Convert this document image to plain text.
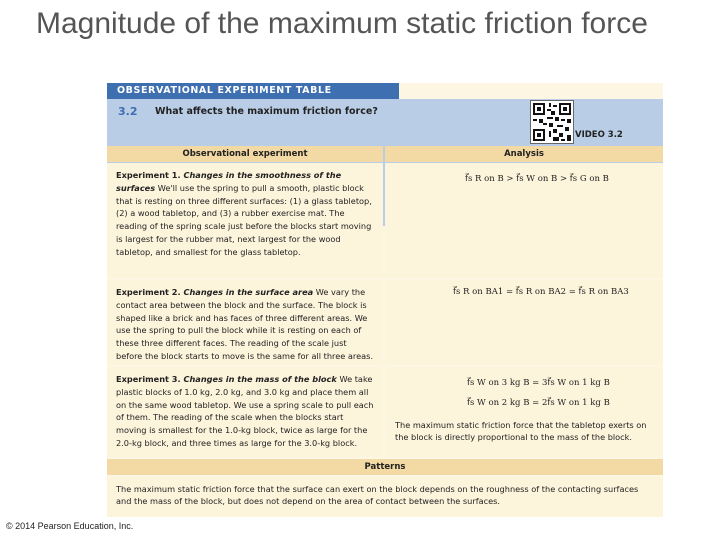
Magnitude of the maximum static friction force
OBSERVATIONAL EXPERIMENT TABLE
3.2 What affects the maximum friction force?
VIDEO 3.2
Observational experiment	Analysis
Experiment 1. Changes in the smoothness of the surfaces We'll use the spring to pull a smooth, plastic block that is resting on three different surfaces: (1) a glass tabletop, (2) a wood tabletop, and (3) a rubber exercise mat. The reading of the spring scale just before the blocks start moving is largest for the rubber mat, next largest for the wood tabletop, and smallest for the glass tabletop.
f⃗s R on B > f⃗s W on B > f⃗s G on B
Experiment 2. Changes in the surface area We vary the contact area between the block and the surface. The block is shaped like a brick and has faces of three different areas. We use the spring to pull the block while it is resting on each of these three different faces. The reading of the scale just before the block starts to move is the same for all three areas.
f⃗s R on BA1 = f⃗s R on BA2 = f⃗s R on BA3
Experiment 3. Changes in the mass of the block We take plastic blocks of 1.0 kg, 2.0 kg, and 3.0 kg and place them all on the same wood tabletop. We use a spring scale to pull each of them. The reading of the scale when the blocks start moving is smallest for the 1.0-kg block, twice as large for the 2.0-kg block, and three times as large for the 3.0-kg block.
f⃗s W on 3 kg B = 3f⃗s W on 1 kg B
f⃗s W on 2 kg B = 2f⃗s W on 1 kg B
The maximum static friction force that the tabletop exerts on the block is directly proportional to the mass of the block.
Patterns
The maximum static friction force that the surface can exert on the block depends on the roughness of the contacting surfaces and the mass of the block, but does not depend on the area of contact between the surfaces.
© 2014 Pearson Education, Inc.
